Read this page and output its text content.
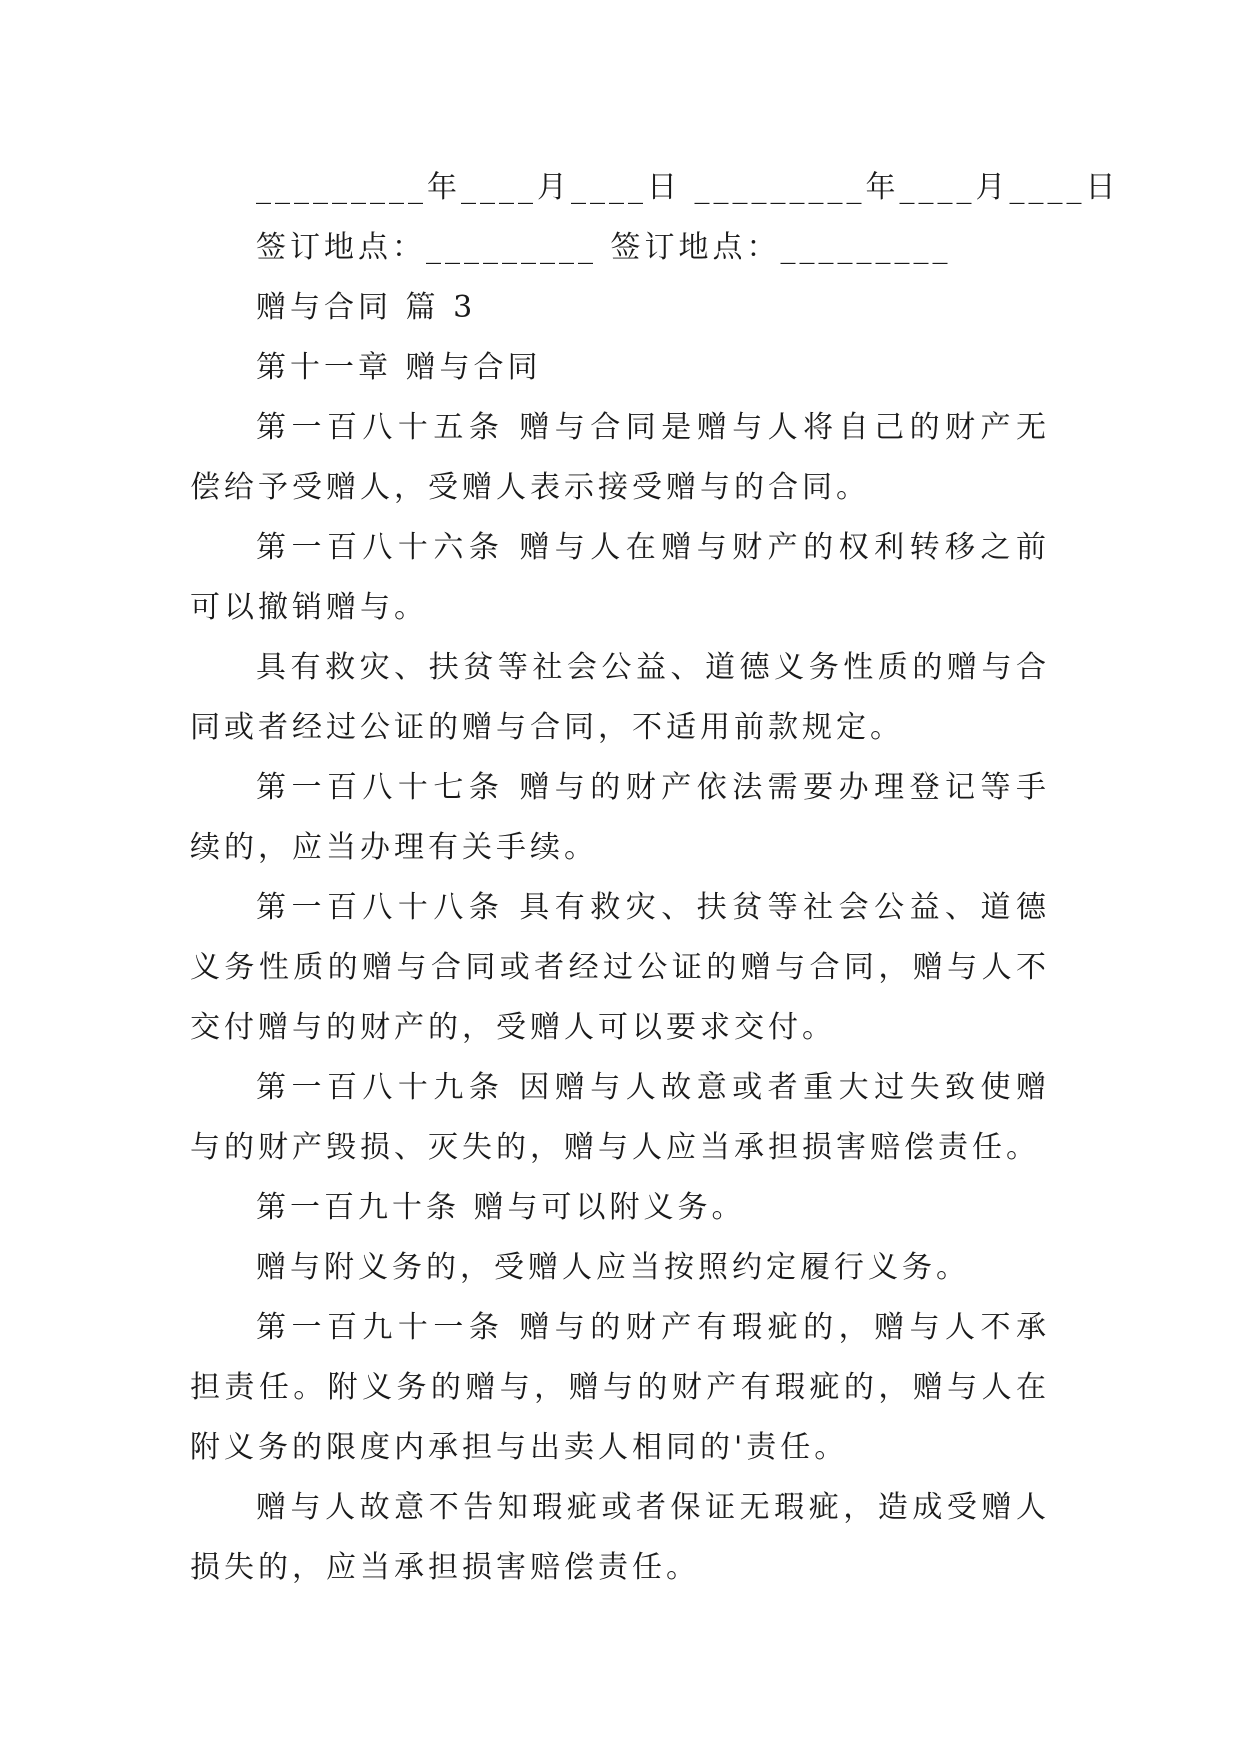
_________年____月____日 _________年____月____日
签订地点：_________ 签订地点：_________
赠与合同 篇 3
第十一章 赠与合同

第一百八十五条 赠与合同是赠与人将自己的财产无偿给予受赠人，受赠人表示接受赠与的合同。

第一百八十六条 赠与人在赠与财产的权利转移之前可以撤销赠与。

具有救灾、扶贫等社会公益、道德义务性质的赠与合同或者经过公证的赠与合同，不适用前款规定。

第一百八十七条 赠与的财产依法需要办理登记等手续的，应当办理有关手续。

第一百八十八条 具有救灾、扶贫等社会公益、道德义务性质的赠与合同或者经过公证的赠与合同，赠与人不交付赠与的财产的，受赠人可以要求交付。

第一百八十九条 因赠与人故意或者重大过失致使赠与的财产毁损、灭失的，赠与人应当承担损害赔偿责任。

第一百九十条 赠与可以附义务。

赠与附义务的，受赠人应当按照约定履行义务。

第一百九十一条 赠与的财产有瑕疵的，赠与人不承担责任。附义务的赠与，赠与的财产有瑕疵的，赠与人在附义务的限度内承担与出卖人相同的'责任。

赠与人故意不告知瑕疵或者保证无瑕疵，造成受赠人损失的，应当承担损害赔偿责任。
